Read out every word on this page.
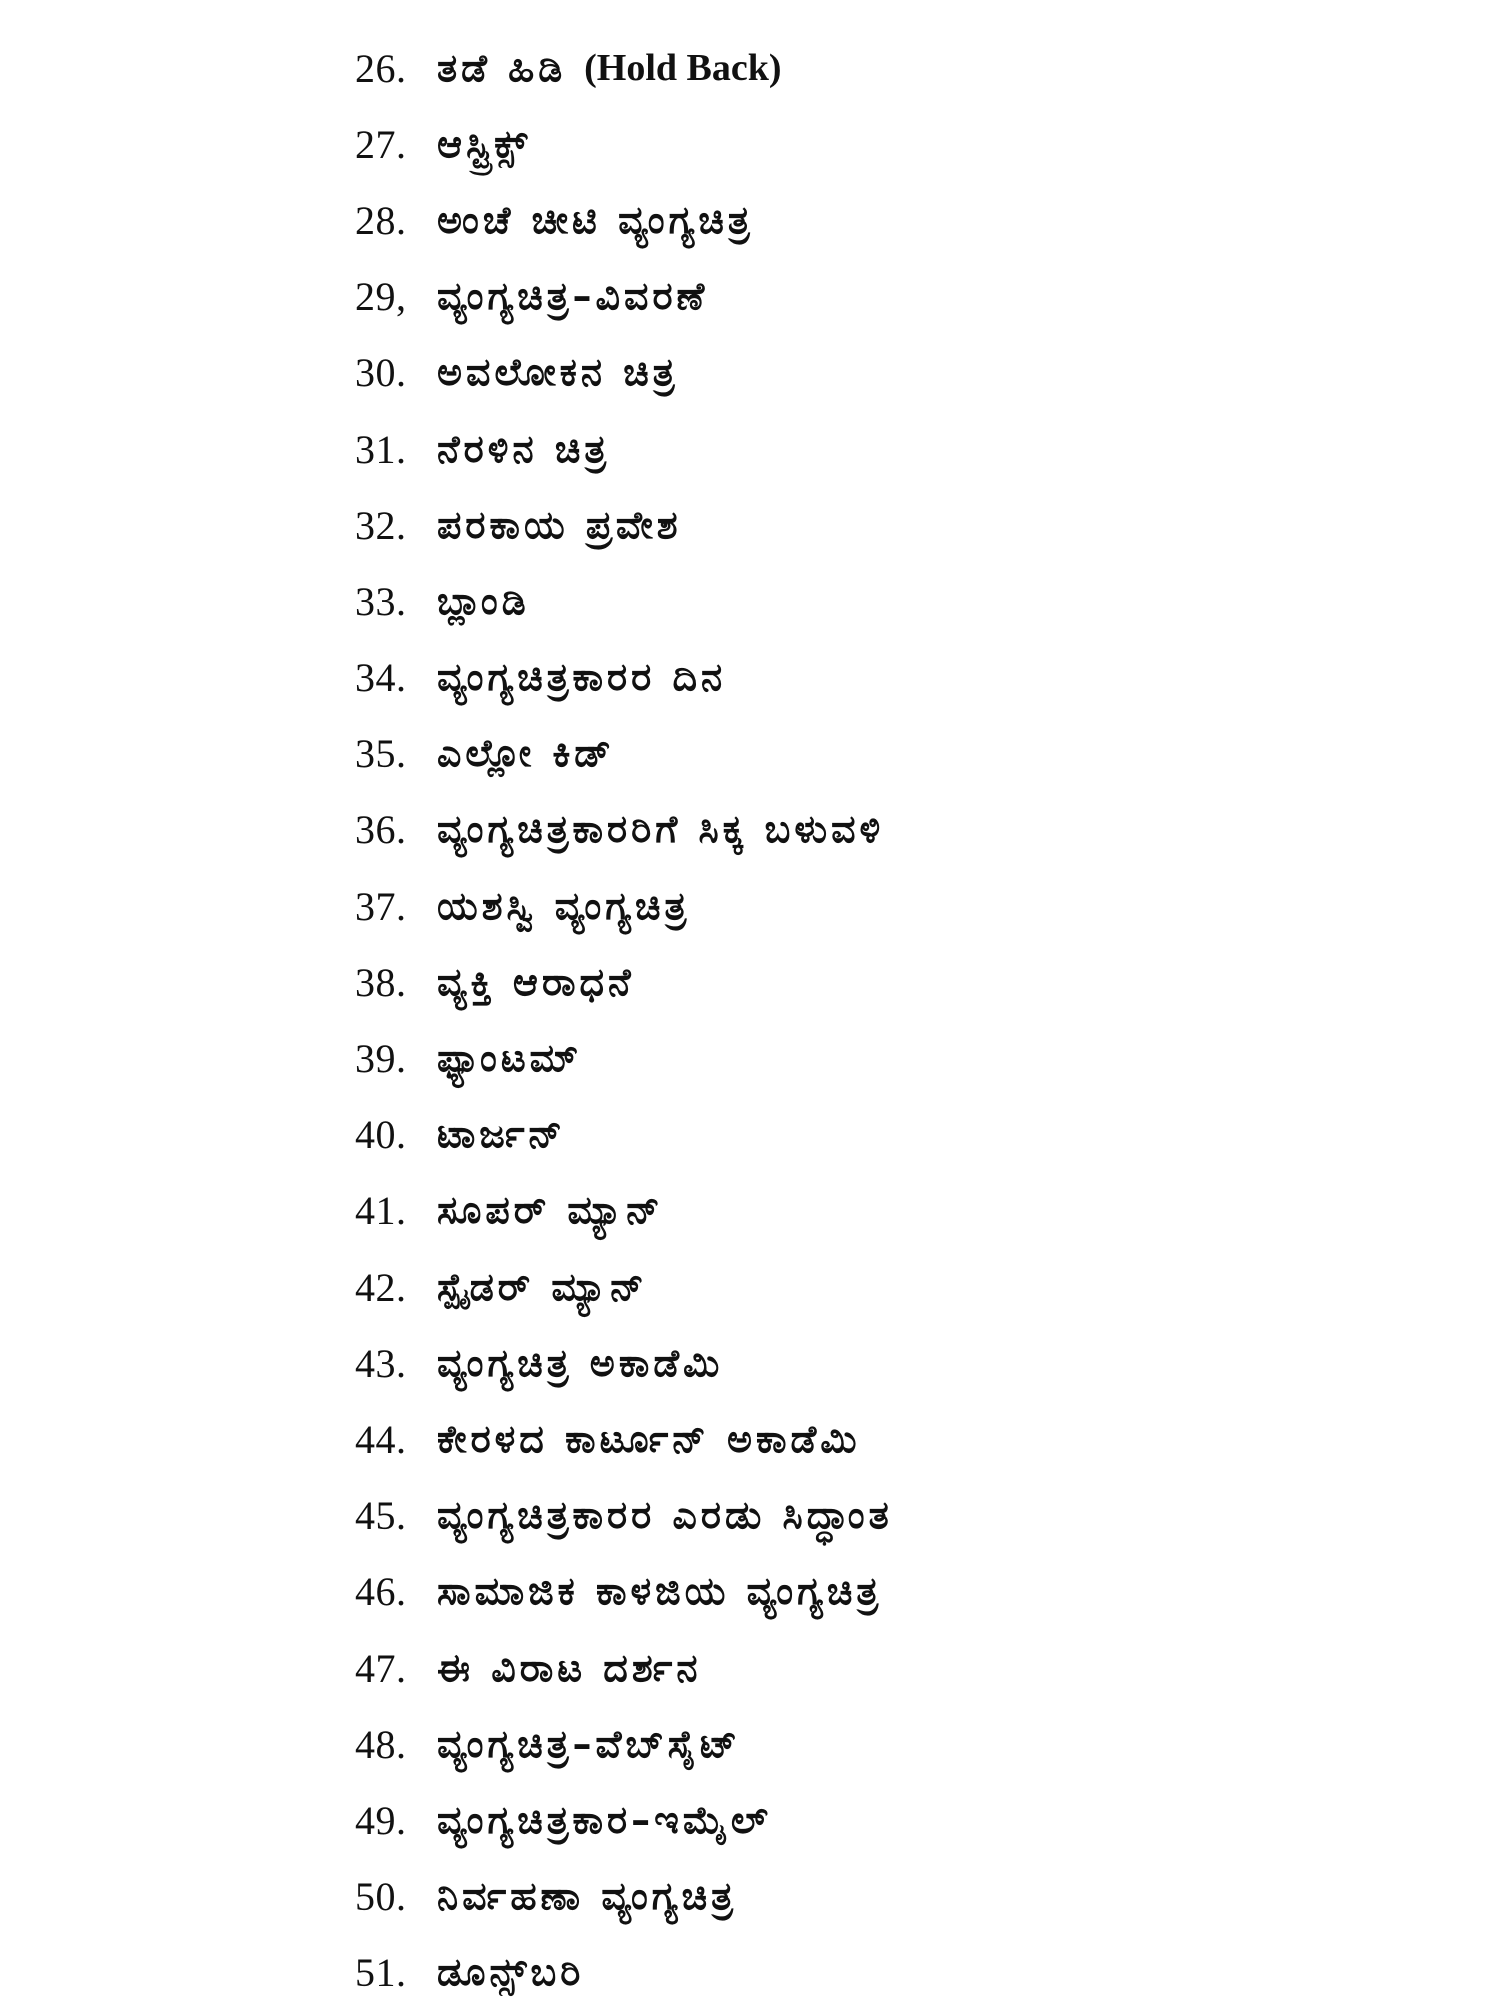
26. ತಡೆ ಹಿಡಿ (Hold Back)
27. ಆಸ್ಟ್ರಿಕ್ಸ್
28. ಅಂಚೆ ಚೀಟಿ ವ್ಯಂಗ್ಯಚಿತ್ರ
29, ವ್ಯಂಗ್ಯಚಿತ್ರ–ವಿವರಣೆ
30. ಅವಲೋಕನ ಚಿತ್ರ
31. ನೆರಳಿನ ಚಿತ್ರ
32. ಪರಕಾಯ ಪ್ರವೇಶ
33. ಬ್ಲಾಂಡಿ
34. ವ್ಯಂಗ್ಯಚಿತ್ರಕಾರರ ದಿನ
35. ಎಲ್ಲೋ ಕಿಡ್
36. ವ್ಯಂಗ್ಯಚಿತ್ರಕಾರರಿಗೆ ಸಿಕ್ಕ ಬಳುವಳಿ
37. ಯಶಸ್ವಿ ವ್ಯಂಗ್ಯಚಿತ್ರ
38. ವ್ಯಕ್ತಿ ಆರಾಧನೆ
39. ಫ್ಯಾಂಟಮ್
40. ಟಾರ್ಜನ್
41. ಸೂಪರ್ ಮ್ಯಾನ್
42. ಸ್ಪೈಡರ್ ಮ್ಯಾನ್
43. ವ್ಯಂಗ್ಯಚಿತ್ರ ಅಕಾಡೆಮಿ
44. ಕೇರಳದ ಕಾರ್ಟೂನ್ ಅಕಾಡೆಮಿ
45. ವ್ಯಂಗ್ಯಚಿತ್ರಕಾರರ ಎರಡು ಸಿದ್ಧಾಂತ
46. ಸಾಮಾಜಿಕ ಕಾಳಜಿಯ ವ್ಯಂಗ್ಯಚಿತ್ರ
47. ಈ ವಿರಾಟ ದರ್ಶನ
48. ವ್ಯಂಗ್ಯಚಿತ್ರ–ವೆಬ್‌ಸೈಟ್
49. ವ್ಯಂಗ್ಯಚಿತ್ರಕಾರ–ಇಮೈಲ್
50. ನಿರ್ವಹಣಾ ವ್ಯಂಗ್ಯಚಿತ್ರ
51. ಡೂನ್ಸ್‌ಬರಿ
